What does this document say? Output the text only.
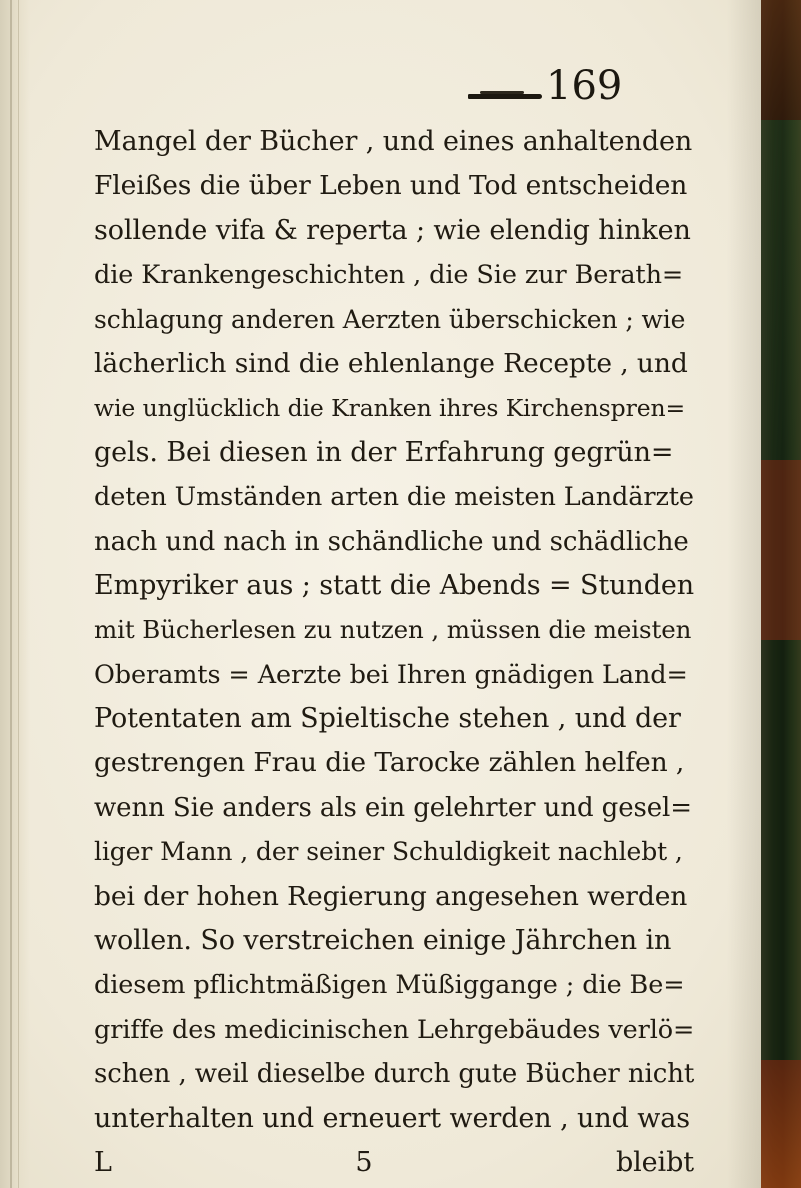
169
Mangel der Bücher , und eines anhaltenden
Fleißes die über Leben und Tod entscheiden
sollende vifa & reperta ; wie elendig hinken
die Krankengeschichten , die Sie zur Berath=
schlagung anderen Aerzten überschicken ; wie
lächerlich sind die ehlenlange Recepte , und
wie unglücklich die Kranken ihres Kirchenspren=
gels. Bei diesen in der Erfahrung gegrün=
deten Umständen arten die meisten Landärzte
nach und nach in schändliche und schädliche
Empyriker aus ; statt die Abends = Stunden
mit Bücherlesen zu nutzen , müssen die meisten
Oberamts = Aerzte bei Ihren gnädigen Land=
Potentaten am Spieltische stehen , und der
gestrengen Frau die Tarocke zählen helfen ,
wenn Sie anders als ein gelehrter und gesel=
liger Mann , der seiner Schuldigkeit nachlebt ,
bei der hohen Regierung angesehen werden
wollen. So verstreichen einige Jährchen in
diesem pflichtmäßigen Müßiggange ; die Be=
griffe des medicinischen Lehrgebäudes verlö=
schen , weil dieselbe durch gute Bücher nicht
unterhalten und erneuert werden , und was
L 5	bleibt
